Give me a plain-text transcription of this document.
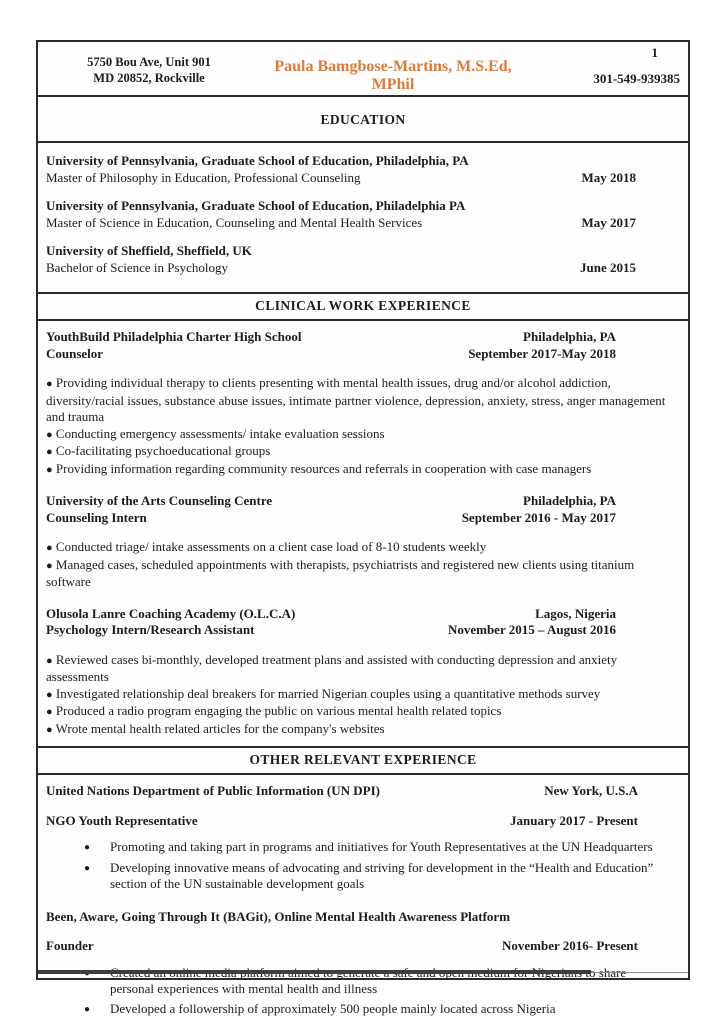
5750 Bou Ave, Unit 901
MD 20852, Rockville
Paula Bamgbose-Martins, M.S.Ed, MPhil
1
301-549-939385
EDUCATION
University of Pennsylvania, Graduate School of Education, Philadelphia, PA
Master of Philosophy in Education, Professional Counseling	May 2018
University of Pennsylvania, Graduate School of Education, Philadelphia PA
Master of Science in Education, Counseling and Mental Health Services	May 2017
University of Sheffield, Sheffield, UK
Bachelor of Science in Psychology	June 2015
CLINICAL WORK EXPERIENCE
YouthBuild Philadelphia Charter High School	Philadelphia, PA
Counselor	September 2017-May 2018
● Providing individual therapy to clients presenting with mental health issues, drug and/or alcohol addiction, diversity/racial issues, substance abuse issues, intimate partner violence, depression, anxiety, stress, anger management and trauma
● Conducting emergency assessments/ intake evaluation sessions
● Co-facilitating psychoeducational groups
● Providing information regarding community resources and referrals in cooperation with case managers
University of the Arts Counseling Centre	Philadelphia, PA
Counseling Intern	September 2016 - May 2017
● Conducted triage/ intake assessments on a client case load of 8-10 students weekly
● Managed cases, scheduled appointments with therapists, psychiatrists and registered new clients using titanium software
Olusola Lanre Coaching Academy (O.L.C.A)	Lagos, Nigeria
Psychology Intern/Research Assistant	November 2015 – August 2016
● Reviewed cases bi-monthly, developed treatment plans and assisted with conducting depression and anxiety assessments
● Investigated relationship deal breakers for married Nigerian couples using a quantitative methods survey
● Produced a radio program engaging the public on various mental health related topics
● Wrote mental health related articles for the company's websites
OTHER RELEVANT EXPERIENCE
United Nations Department of Public Information (UN DPI)	New York, U.S.A
NGO Youth Representative	January 2017 - Present
●	Promoting and taking part in programs and initiatives for Youth Representatives at the UN Headquarters
●	Developing innovative means of advocating and striving for development in the “Health and Education” section of the UN sustainable development goals
Been, Aware, Going Through It (BAGit), Online Mental Health Awareness Platform
Founder	November 2016- Present
share personal experiences with mental health and illness
●	Developed a followership of approximately 500 people mainly located across Nigeria
